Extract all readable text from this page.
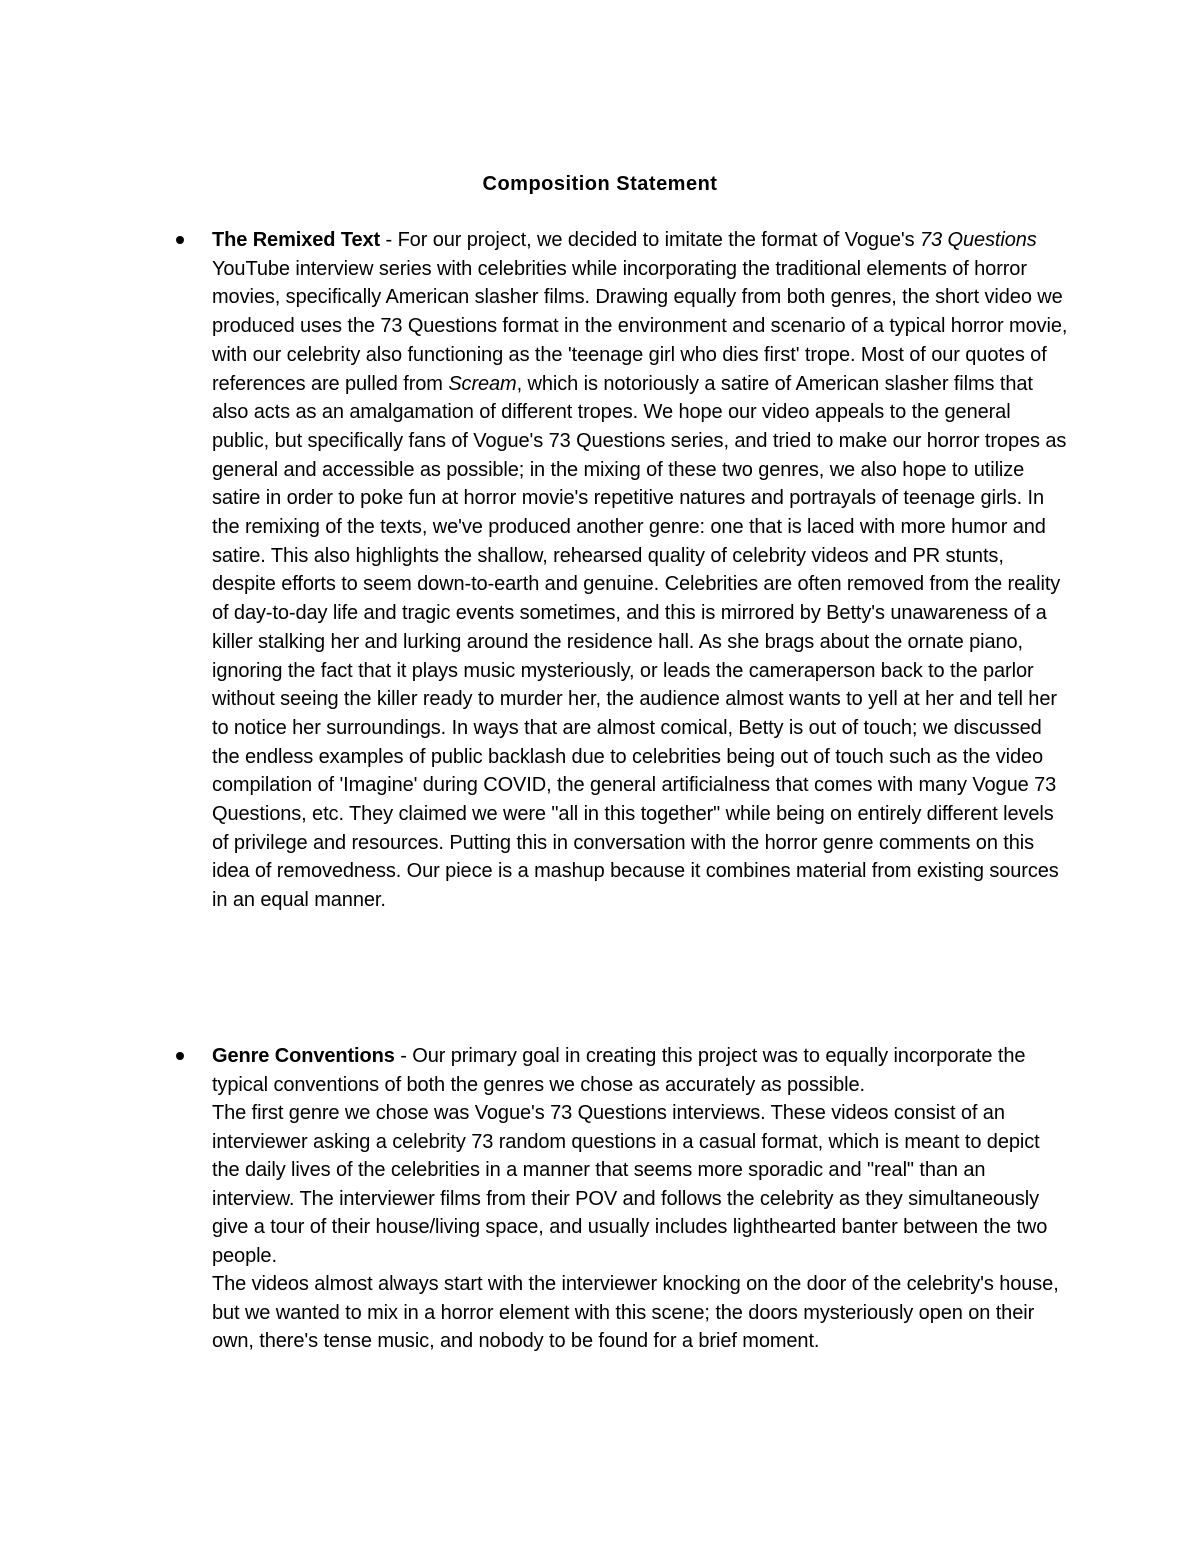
Composition Statement

The Remixed Text - For our project, we decided to imitate the format of Vogue's 73 Questions YouTube interview series with celebrities while incorporating the traditional elements of horror movies, specifically American slasher films. Drawing equally from both genres, the short video we produced uses the 73 Questions format in the environment and scenario of a typical horror movie, with our celebrity also functioning as the 'teenage girl who dies first' trope. Most of our quotes of references are pulled from Scream, which is notoriously a satire of American slasher films that also acts as an amalgamation of different tropes. We hope our video appeals to the general public, but specifically fans of Vogue's 73 Questions series, and tried to make our horror tropes as general and accessible as possible; in the mixing of these two genres, we also hope to utilize satire in order to poke fun at horror movie's repetitive natures and portrayals of teenage girls. In the remixing of the texts, we've produced another genre: one that is laced with more humor and satire. This also highlights the shallow, rehearsed quality of celebrity videos and PR stunts, despite efforts to seem down-to-earth and genuine. Celebrities are often removed from the reality of day-to-day life and tragic events sometimes, and this is mirrored by Betty's unawareness of a killer stalking her and lurking around the residence hall. As she brags about the ornate piano, ignoring the fact that it plays music mysteriously, or leads the cameraperson back to the parlor without seeing the killer ready to murder her, the audience almost wants to yell at her and tell her to notice her surroundings. In ways that are almost comical, Betty is out of touch; we discussed the endless examples of public backlash due to celebrities being out of touch such as the video compilation of 'Imagine' during COVID, the general artificialness that comes with many Vogue 73 Questions, etc. They claimed we were "all in this together" while being on entirely different levels of privilege and resources. Putting this in conversation with the horror genre comments on this idea of removedness. Our piece is a mashup because it combines material from existing sources in an equal manner.

Genre Conventions - Our primary goal in creating this project was to equally incorporate the typical conventions of both the genres we chose as accurately as possible.

The first genre we chose was Vogue's 73 Questions interviews. These videos consist of an interviewer asking a celebrity 73 random questions in a casual format, which is meant to depict the daily lives of the celebrities in a manner that seems more sporadic and "real" than an interview. The interviewer films from their POV and follows the celebrity as they simultaneously give a tour of their house/living space, and usually includes lighthearted banter between the two people.

The videos almost always start with the interviewer knocking on the door of the celebrity's house, but we wanted to mix in a horror element with this scene; the doors mysteriously open on their own, there's tense music, and nobody to be found for a brief moment.
